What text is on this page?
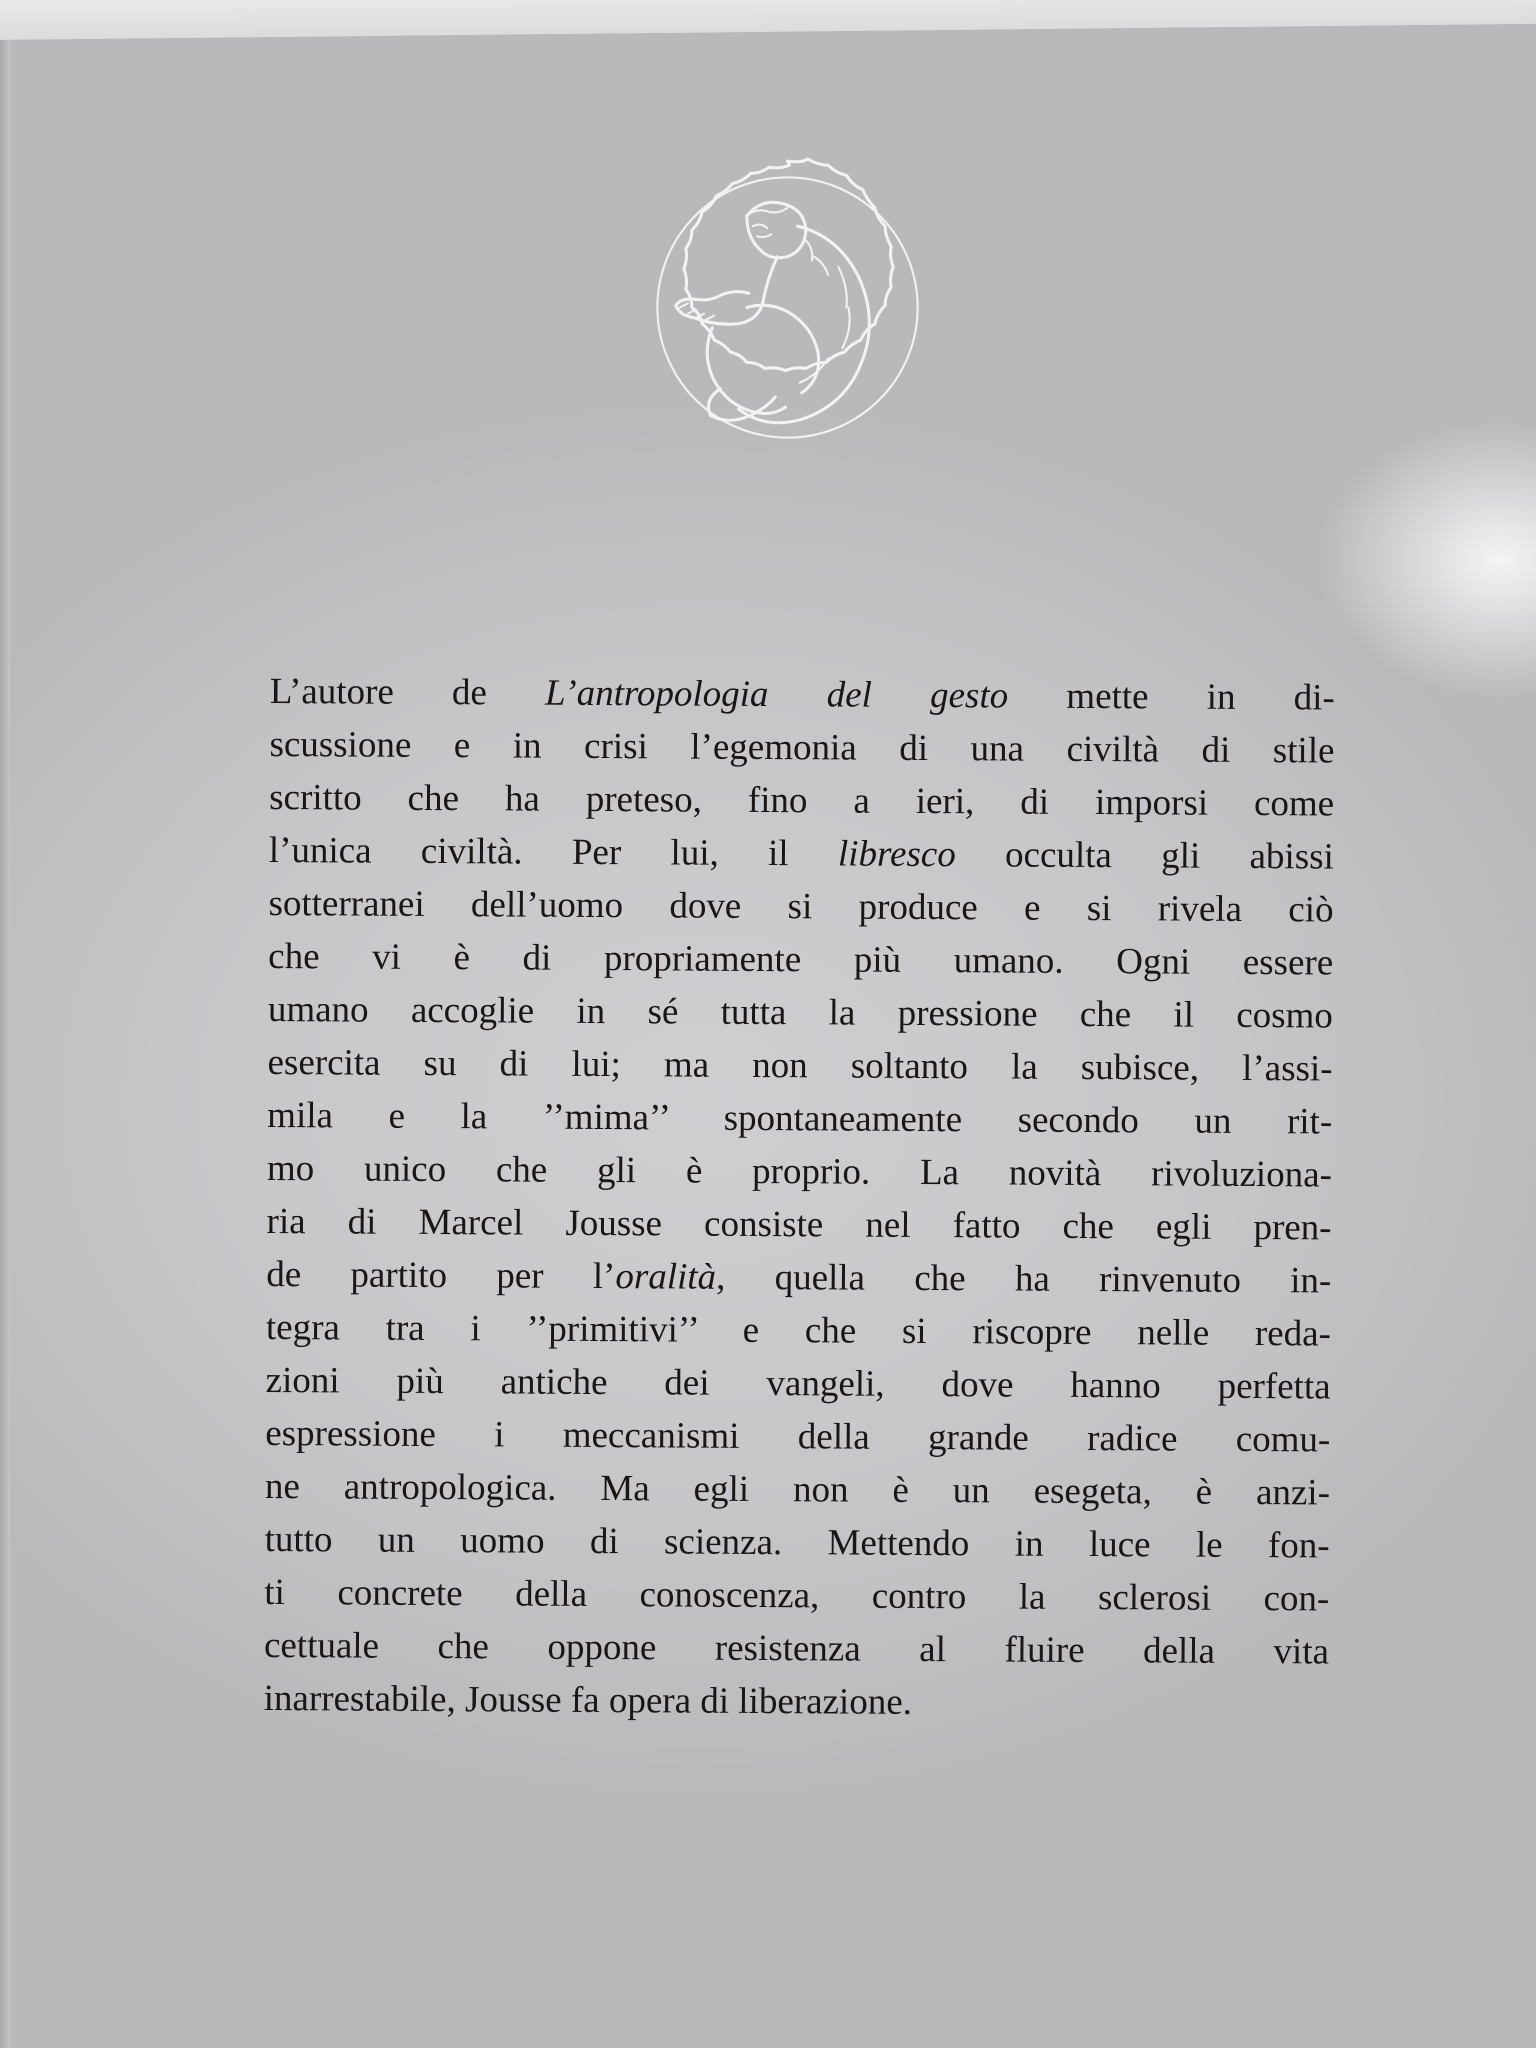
L’autore de L’antropologia del gesto mette in di-
scussione e in crisi l’egemonia di una civiltà di stile
scritto che ha preteso, fino a ieri, di imporsi come
l’unica civiltà. Per lui, il libresco occulta gli abissi
sotterranei dell’uomo dove si produce e si rivela ciò
che vi è di propriamente più umano. Ogni essere
umano accoglie in sé tutta la pressione che il cosmo
esercita su di lui; ma non soltanto la subisce, l’assi-
mila e la ’’mima’’ spontaneamente secondo un rit-
mo unico che gli è proprio. La novità rivoluziona-
ria di Marcel Jousse consiste nel fatto che egli pren-
de partito per l’oralità, quella che ha rinvenuto in-
tegra tra i ’’primitivi’’ e che si riscopre nelle reda-
zioni più antiche dei vangeli, dove hanno perfetta
espressione i meccanismi della grande radice comu-
ne antropologica. Ma egli non è un esegeta, è anzi-
tutto un uomo di scienza. Mettendo in luce le fon-
ti concrete della conoscenza, contro la sclerosi con-
cettuale che oppone resistenza al fluire della vita
inarrestabile, Jousse fa opera di liberazione.
